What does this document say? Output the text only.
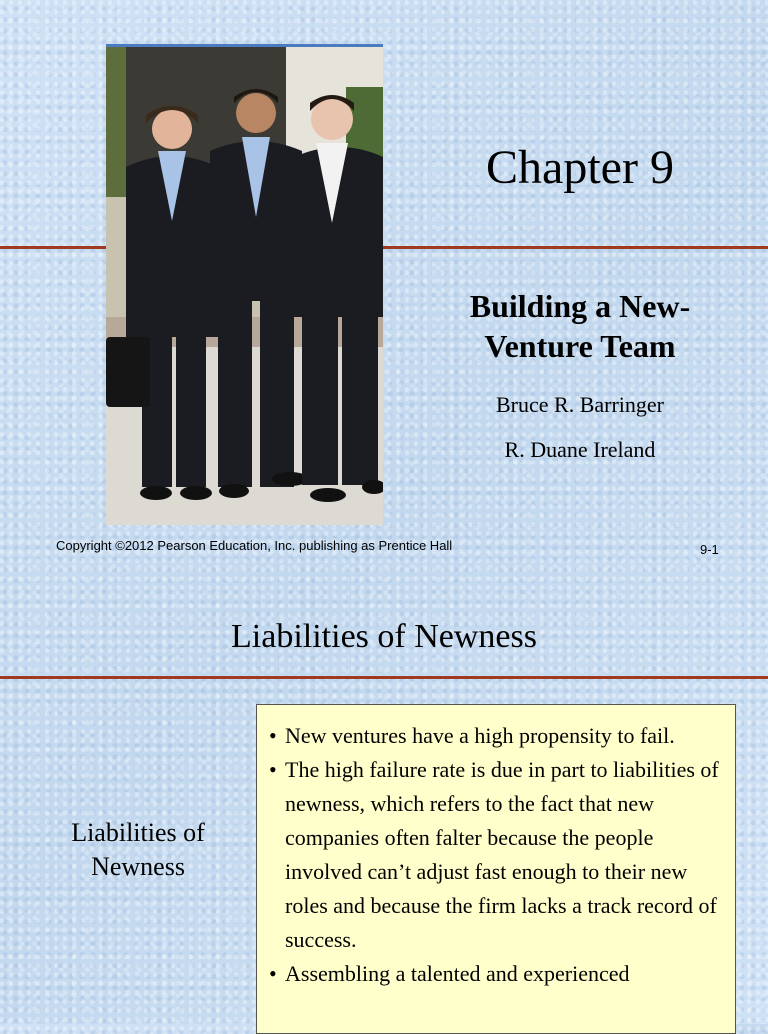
Chapter 9
Building a New-
Venture Team
Bruce R. Barringer
R. Duane Ireland
Copyright ©2012 Pearson Education, Inc. publishing as Prentice Hall	9-1
Liabilities of Newness
Liabilities of
Newness
• New ventures have a high propensity to fail.
• The high failure rate is due in part to liabilities of newness, which refers to the fact that new companies often falter because the people involved can’t adjust fast enough to their new roles and because the firm lacks a track record of success.
• Assembling a talented and experienced
